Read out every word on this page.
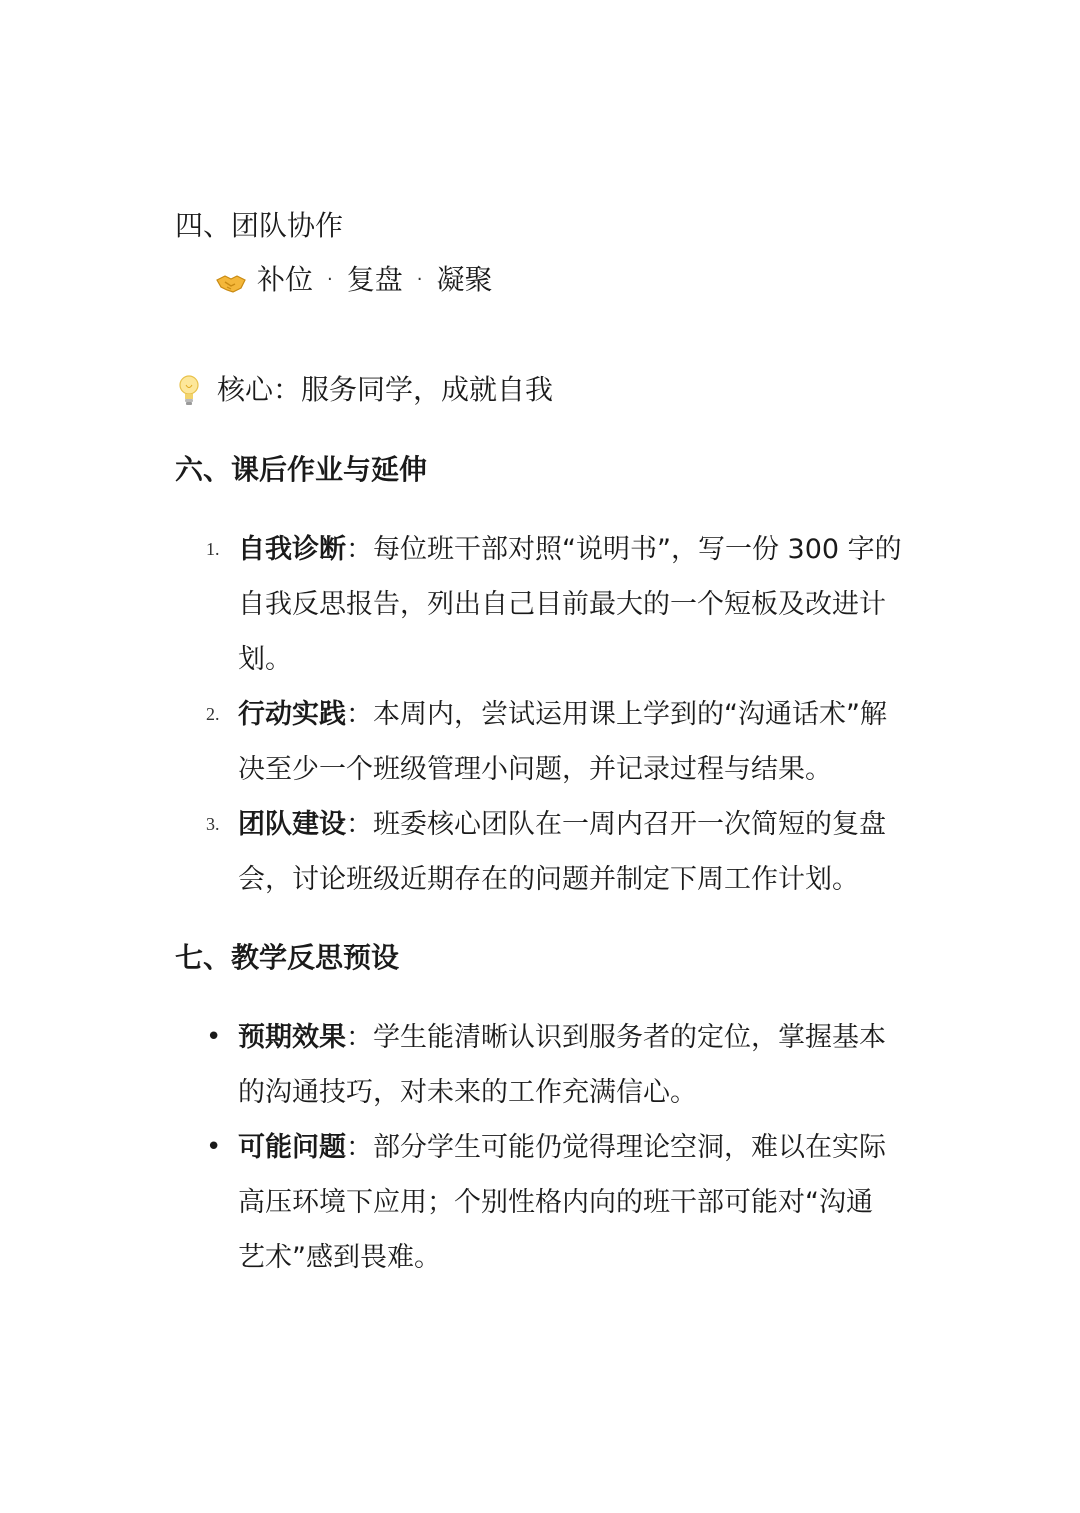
四、团队协作
补位 · 复盘 · 凝聚
核心：服务同学，成就自我
六、课后作业与延伸
1. 自我诊断：每位班干部对照“说明书”，写一份 300 字的
自我反思报告，列出自己目前最大的一个短板及改进计
划。
2. 行动实践：本周内，尝试运用课上学到的“沟通话术”解
决至少一个班级管理小问题，并记录过程与结果。
3. 团队建设：班委核心团队在一周内召开一次简短的复盘
会，讨论班级近期存在的问题并制定下周工作计划。
七、教学反思预设
• 预期效果：学生能清晰认识到服务者的定位，掌握基本
的沟通技巧，对未来的工作充满信心。
• 可能问题：部分学生可能仍觉得理论空洞，难以在实际
高压环境下应用；个别性格内向的班干部可能对“沟通
艺术”感到畏难。
